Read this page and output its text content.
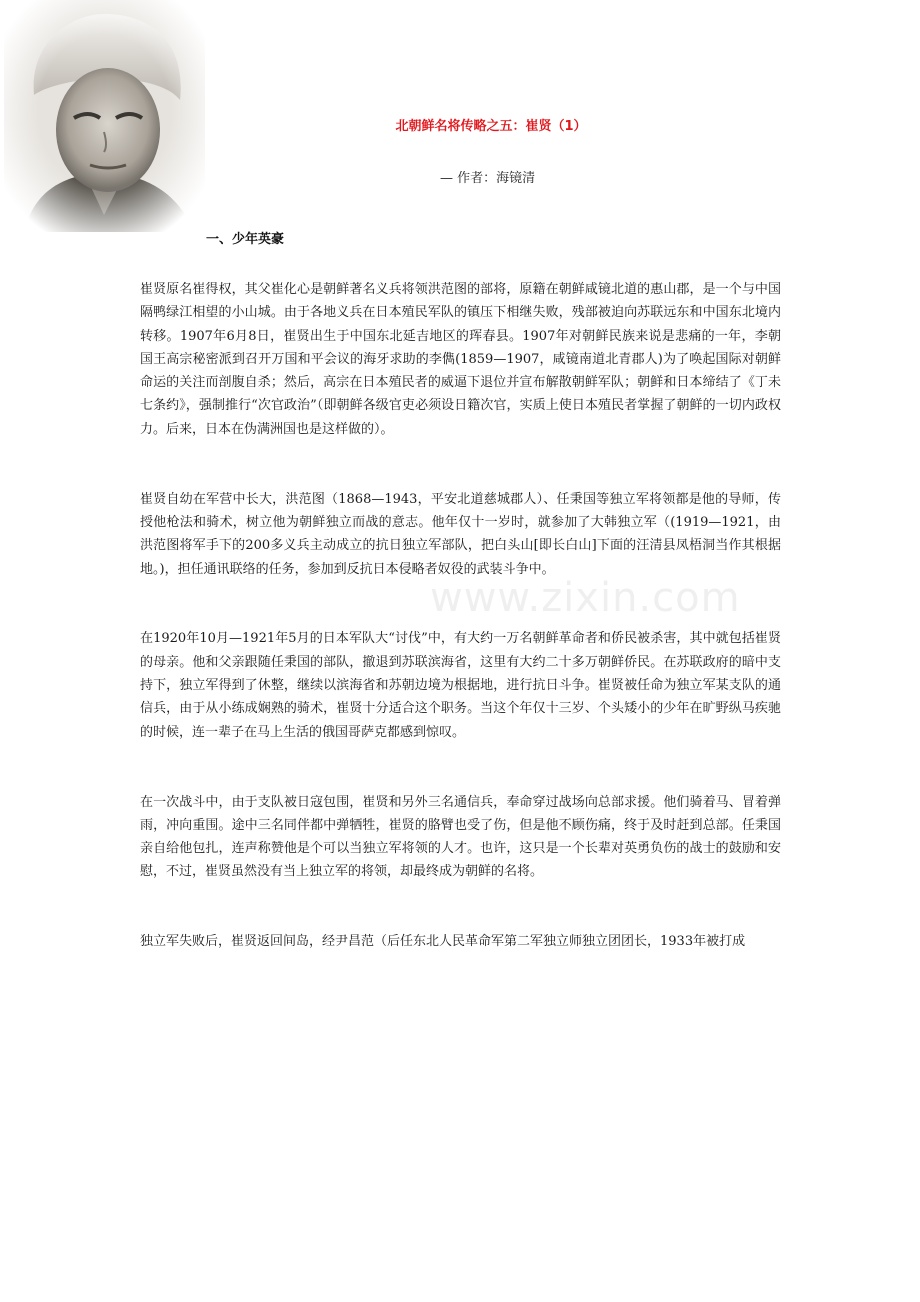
北朝鲜名将传略之五：崔贤（1）
— 作者：海镜清
一、少年英豪
www.zixin.com

崔贤原名崔得权，其父崔化心是朝鲜著名义兵将领洪范图的部将，原籍在朝鲜咸镜北道的惠山郡，是一个与中国隔鸭绿江相望的小山城。由于各地义兵在日本殖民军队的镇压下相继失败，残部被迫向苏联远东和中国东北境内转移。1907年6月8日，崔贤出生于中国东北延吉地区的珲春县。1907年对朝鲜民族来说是悲痛的一年，李朝国王高宗秘密派到召开万国和平会议的海牙求助的李儁(1859—1907，咸镜南道北青郡人)为了唤起国际对朝鲜命运的关注而剖腹自杀；然后，高宗在日本殖民者的威逼下退位并宣布解散朝鲜军队；朝鲜和日本缔结了《丁未七条约》，强制推行“次官政治”（即朝鲜各级官吏必须设日籍次官，实质上使日本殖民者掌握了朝鲜的一切内政权力。后来，日本在伪满洲国也是这样做的）。

崔贤自幼在军营中长大，洪范图（1868—1943，平安北道慈城郡人）、任秉国等独立军将领都是他的导师，传授他枪法和骑术，树立他为朝鲜独立而战的意志。他年仅十一岁时，就参加了大韩独立军（(1919—1921，由洪范图将军手下的200多义兵主动成立的抗日独立军部队，把白头山[即长白山]下面的汪清县凤梧洞当作其根据地。)，担任通讯联络的任务，参加到反抗日本侵略者奴役的武装斗争中。

在1920年10月—1921年5月的日本军队大“讨伐”中，有大约一万名朝鲜革命者和侨民被杀害，其中就包括崔贤的母亲。他和父亲跟随任秉国的部队，撤退到苏联滨海省，这里有大约二十多万朝鲜侨民。在苏联政府的暗中支持下，独立军得到了休整，继续以滨海省和苏朝边境为根据地，进行抗日斗争。崔贤被任命为独立军某支队的通信兵，由于从小练成娴熟的骑术，崔贤十分适合这个职务。当这个年仅十三岁、个头矮小的少年在旷野纵马疾驰的时候，连一辈子在马上生活的俄国哥萨克都感到惊叹。

在一次战斗中，由于支队被日寇包围，崔贤和另外三名通信兵，奉命穿过战场向总部求援。他们骑着马、冒着弹雨，冲向重围。途中三名同伴都中弹牺牲，崔贤的胳臂也受了伤，但是他不顾伤痛，终于及时赶到总部。任秉国亲自给他包扎，连声称赞他是个可以当独立军将领的人才。也许，这只是一个长辈对英勇负伤的战士的鼓励和安慰，不过，崔贤虽然没有当上独立军的将领，却最终成为朝鲜的名将。

独立军失败后，崔贤返回间岛，经尹昌范（后任东北人民革命军第二军独立师独立团团长，1933年被打成
